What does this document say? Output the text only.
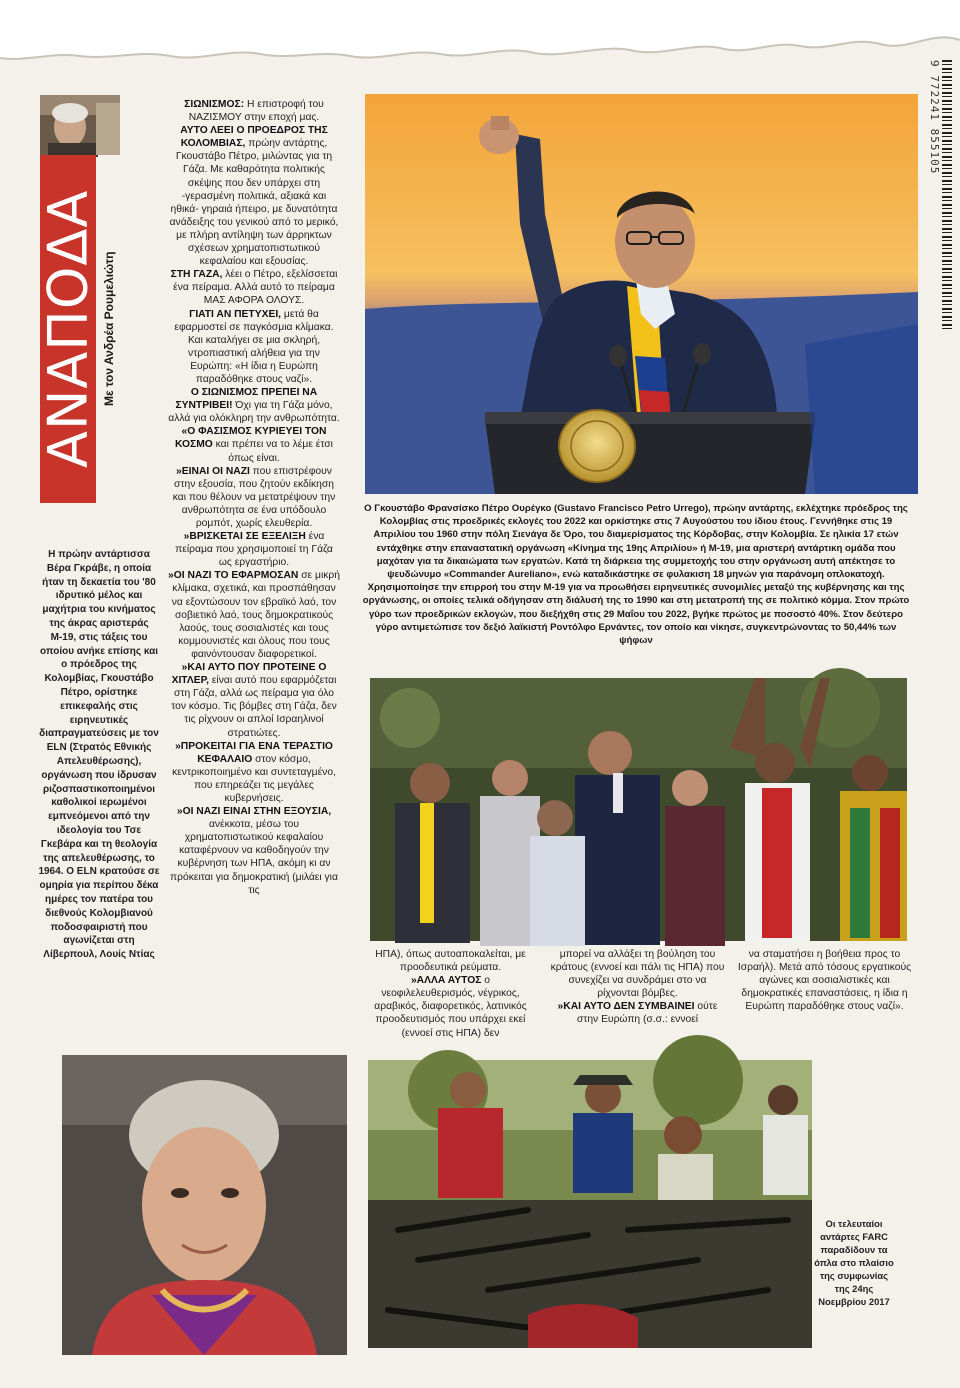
9 772241 855105
ΑΝΑΠΟΔΑ Με τον Ανδρέα Ρουμελιώτη

ΣΙΩΝΙΣΜΟΣ: Η επιστροφή του ΝΑΖΙΣΜΟΥ στην εποχή μας.

ΑΥΤΟ ΛΕΕΙ Ο ΠΡΟΕΔΡΟΣ ΤΗΣ ΚΟΛΟΜΒΙΑΣ, πρώην αντάρτης, Γκουστάβο Πέτρο, μιλώντας για τη Γάζα. Με καθαρότητα πολιτικής σκέψης που δεν υπάρχει στη -γερασμένη πολιτικά, αξιακά και ηθικά- γηραιά ήπειρο, με δυνατότητα ανάδειξης του γενικού από το μερικό, με πλήρη αντίληψη των άρρηκτων σχέσεων χρηματοπιστωτικού κεφαλαίου και εξουσίας.

ΣΤΗ ΓΑΖΑ, λέει ο Πέτρο, εξελίσσεται ένα πείραμα. Αλλά αυτό το πείραμα ΜΑΣ ΑΦΟΡΑ ΟΛΟΥΣ.

ΓΙΑΤΙ ΑΝ ΠΕΤΥΧΕΙ, μετά θα εφαρμοστεί σε παγκόσμια κλίμακα. Και καταλήγει σε μια σκληρή, ντροπιαστική αλήθεια για την Ευρώπη: «Η ίδια η Ευρώπη παραδόθηκε στους ναζί».

Ο ΣΙΩΝΙΣΜΟΣ ΠΡΕΠΕΙ ΝΑ ΣΥΝΤΡΙΒΕΙ! Όχι για τη Γάζα μόνο, αλλά για ολόκληρη την ανθρωπότητα.

«Ο ΦΑΣΙΣΜΟΣ ΚΥΡΙΕΥΕΙ ΤΟΝ ΚΟΣΜΟ και πρέπει να το λέμε έτσι όπως είναι.

»ΕΙΝΑΙ ΟΙ ΝΑΖΙ που επιστρέφουν στην εξουσία, που ζητούν εκδίκηση και που θέλουν να μετατρέψουν την ανθρωπότητα σε ένα υπόδουλο ρομπότ, χωρίς ελευθερία.

»ΒΡΙΣΚΕΤΑΙ ΣΕ ΕΞΕΛΙΞΗ ένα πείραμα που χρησιμοποιεί τη Γάζα ως εργαστήριο.

»ΟΙ ΝΑΖΙ ΤΟ ΕΦΑΡΜΟΣΑΝ σε μικρή κλίμακα, σχετικά, και προσπάθησαν να εξοντώσουν τον εβραϊκό λαό, τον σοβιετικό λαό, τους δημοκρατικούς λαούς, τους σοσιαλιστές και τους κομμουνιστές και όλους που τους φαινόντουσαν διαφορετικοί.

»ΚΑΙ ΑΥΤΟ ΠΟΥ ΠΡΟΤΕΙΝΕ Ο ΧΙΤΛΕΡ, είναι αυτό που εφαρμόζεται στη Γάζα, αλλά ως πείραμα για όλο τον κόσμο. Τις βόμβες στη Γάζα, δεν τις ρίχνουν οι απλοί Ισραηλινοί στρατιώτες.

»ΠΡΟΚΕΙΤΑΙ ΓΙΑ ΕΝΑ ΤΕΡΑΣΤΙΟ ΚΕΦΑΛΑΙΟ στον κόσμο, κεντρικοποιημένο και συντεταγμένο, που επηρεάζει τις μεγάλες κυβερνήσεις.

»ΟΙ ΝΑΖΙ ΕΙΝΑΙ ΣΤΗΝ ΕΞΟΥΣΙΑ, ανέκκοτα, μέσω του χρηματοπιστωτικού κεφαλαίου καταφέρνουν να καθοδηγούν την κυβέρνηση των ΗΠΑ, ακόμη κι αν πρόκειται για δημοκρατική (μιλάει για τις

Η πρώην αντάρτισσα Βέρα Γκράβε, η οποία ήταν τη δεκαετία του '80 ιδρυτικό μέλος και μαχήτρια του κινήματος της άκρας αριστεράς Μ-19, στις τάξεις του οποίου ανήκε επίσης και ο πρόεδρος της Κολομβίας, Γκουστάβο Πέτρο, ορίστηκε επικεφαλής στις ειρηνευτικές διαπραγματεύσεις με τον ELN (Στρατός Εθνικής Απελευθέρωσης), οργάνωση που ίδρυσαν ριζοσπαστικοποιημένοι καθολικοί ιερωμένοι εμπνεόμενοι από την ιδεολογία του Τσε Γκεβάρα και τη θεολογία της απελευθέρωσης, το 1964. Ο ELN κρατούσε σε ομηρία για περίπου δέκα ημέρες τον πατέρα του διεθνούς Κολομβιανού ποδοσφαιριστή που αγωνίζεται στη Λίβερπουλ, Λουίς Ντίας
Ο Γκουστάβο Φρανσίσκο Πέτρο Ουρέγκο (Gustavo Francisco Petro Urrego), πρώην αντάρτης, εκλέχτηκε πρόεδρος της Κολομβίας στις προεδρικές εκλογές του 2022 και ορκίστηκε στις 7 Αυγούστου του ίδιου έτους. Γεννήθηκε στις 19 Απριλίου του 1960 στην πόλη Σιενάγα δε Όρο, του διαμερίσματος της Κόρδοβας, στην Κολομβία. Σε ηλικία 17 ετών εντάχθηκε στην επαναστατική οργάνωση «Κίνημα της 19ης Απριλίου» ή Μ-19, μια αριστερή αντάρτικη ομάδα που μαχόταν για τα δικαιώματα των εργατών. Κατά τη διάρκεια της συμμετοχής του στην οργάνωση αυτή απέκτησε το ψευδώνυμο «Commander Aureliano», ενώ καταδικάστηκε σε φυλακιση 18 μηνών για παράνομη οπλοκατοχή. Χρησιμοποίησε την επιρροή του στην Μ-19 για να προωθήσει ειρηνευτικές συνομιλίες μεταξύ της κυβέρνησης και της οργάνωσης, οι οποίες τελικά οδήγησαν στη διάλυσή της το 1990 και στη μετατροπή της σε πολιτικό κόμμα. Στον πρώτο γύρο των προεδρικών εκλογών, που διεξήχθη στις 29 Μαΐου του 2022, βγήκε πρώτος με ποσοστό 40%. Στον δεύτερο γύρο αντιμετώπισε τον δεξιό λαϊκιστή Ροντόλφο Ερνάντες, τον οποίο και νίκησε, συγκεντρώνοντας το 50,44% των ψήφων

ΗΠΑ), όπως αυτοαποκαλείται, με προοδευτικά ρεύματα.

»ΑΛΛΑ ΑΥΤΟΣ ο νεοφιλελευθερισμός, νέγρικος, αραβικός, διαφορετικός, λατινικός προοδευτισμός που υπάρχει εκεί (εννοεί στις ΗΠΑ) δεν

μπορεί να αλλάξει τη βούληση του κράτους (εννοεί και πάλι τις ΗΠΑ) που συνεχίζει να συνδράμει στο να ρίχνονται βόμβες.

»ΚΑΙ ΑΥΤΟ ΔΕΝ ΣΥΜΒΑΙΝΕΙ ούτε στην Ευρώπη (σ.σ.: εννοεί

να σταματήσει η βοήθεια προς το Ισραήλ). Μετά από τόσους εργατικούς αγώνες και σοσιαλιστικές και δημοκρατικές επαναστάσεις, η ίδια η Ευρώπη παραδόθηκε στους ναζί».

Οι τελευταίοι αντάρτες FARC παραδίδουν τα όπλα στο πλαίσιο της συμφωνίας της 24ης Νοεμβρίου 2017
